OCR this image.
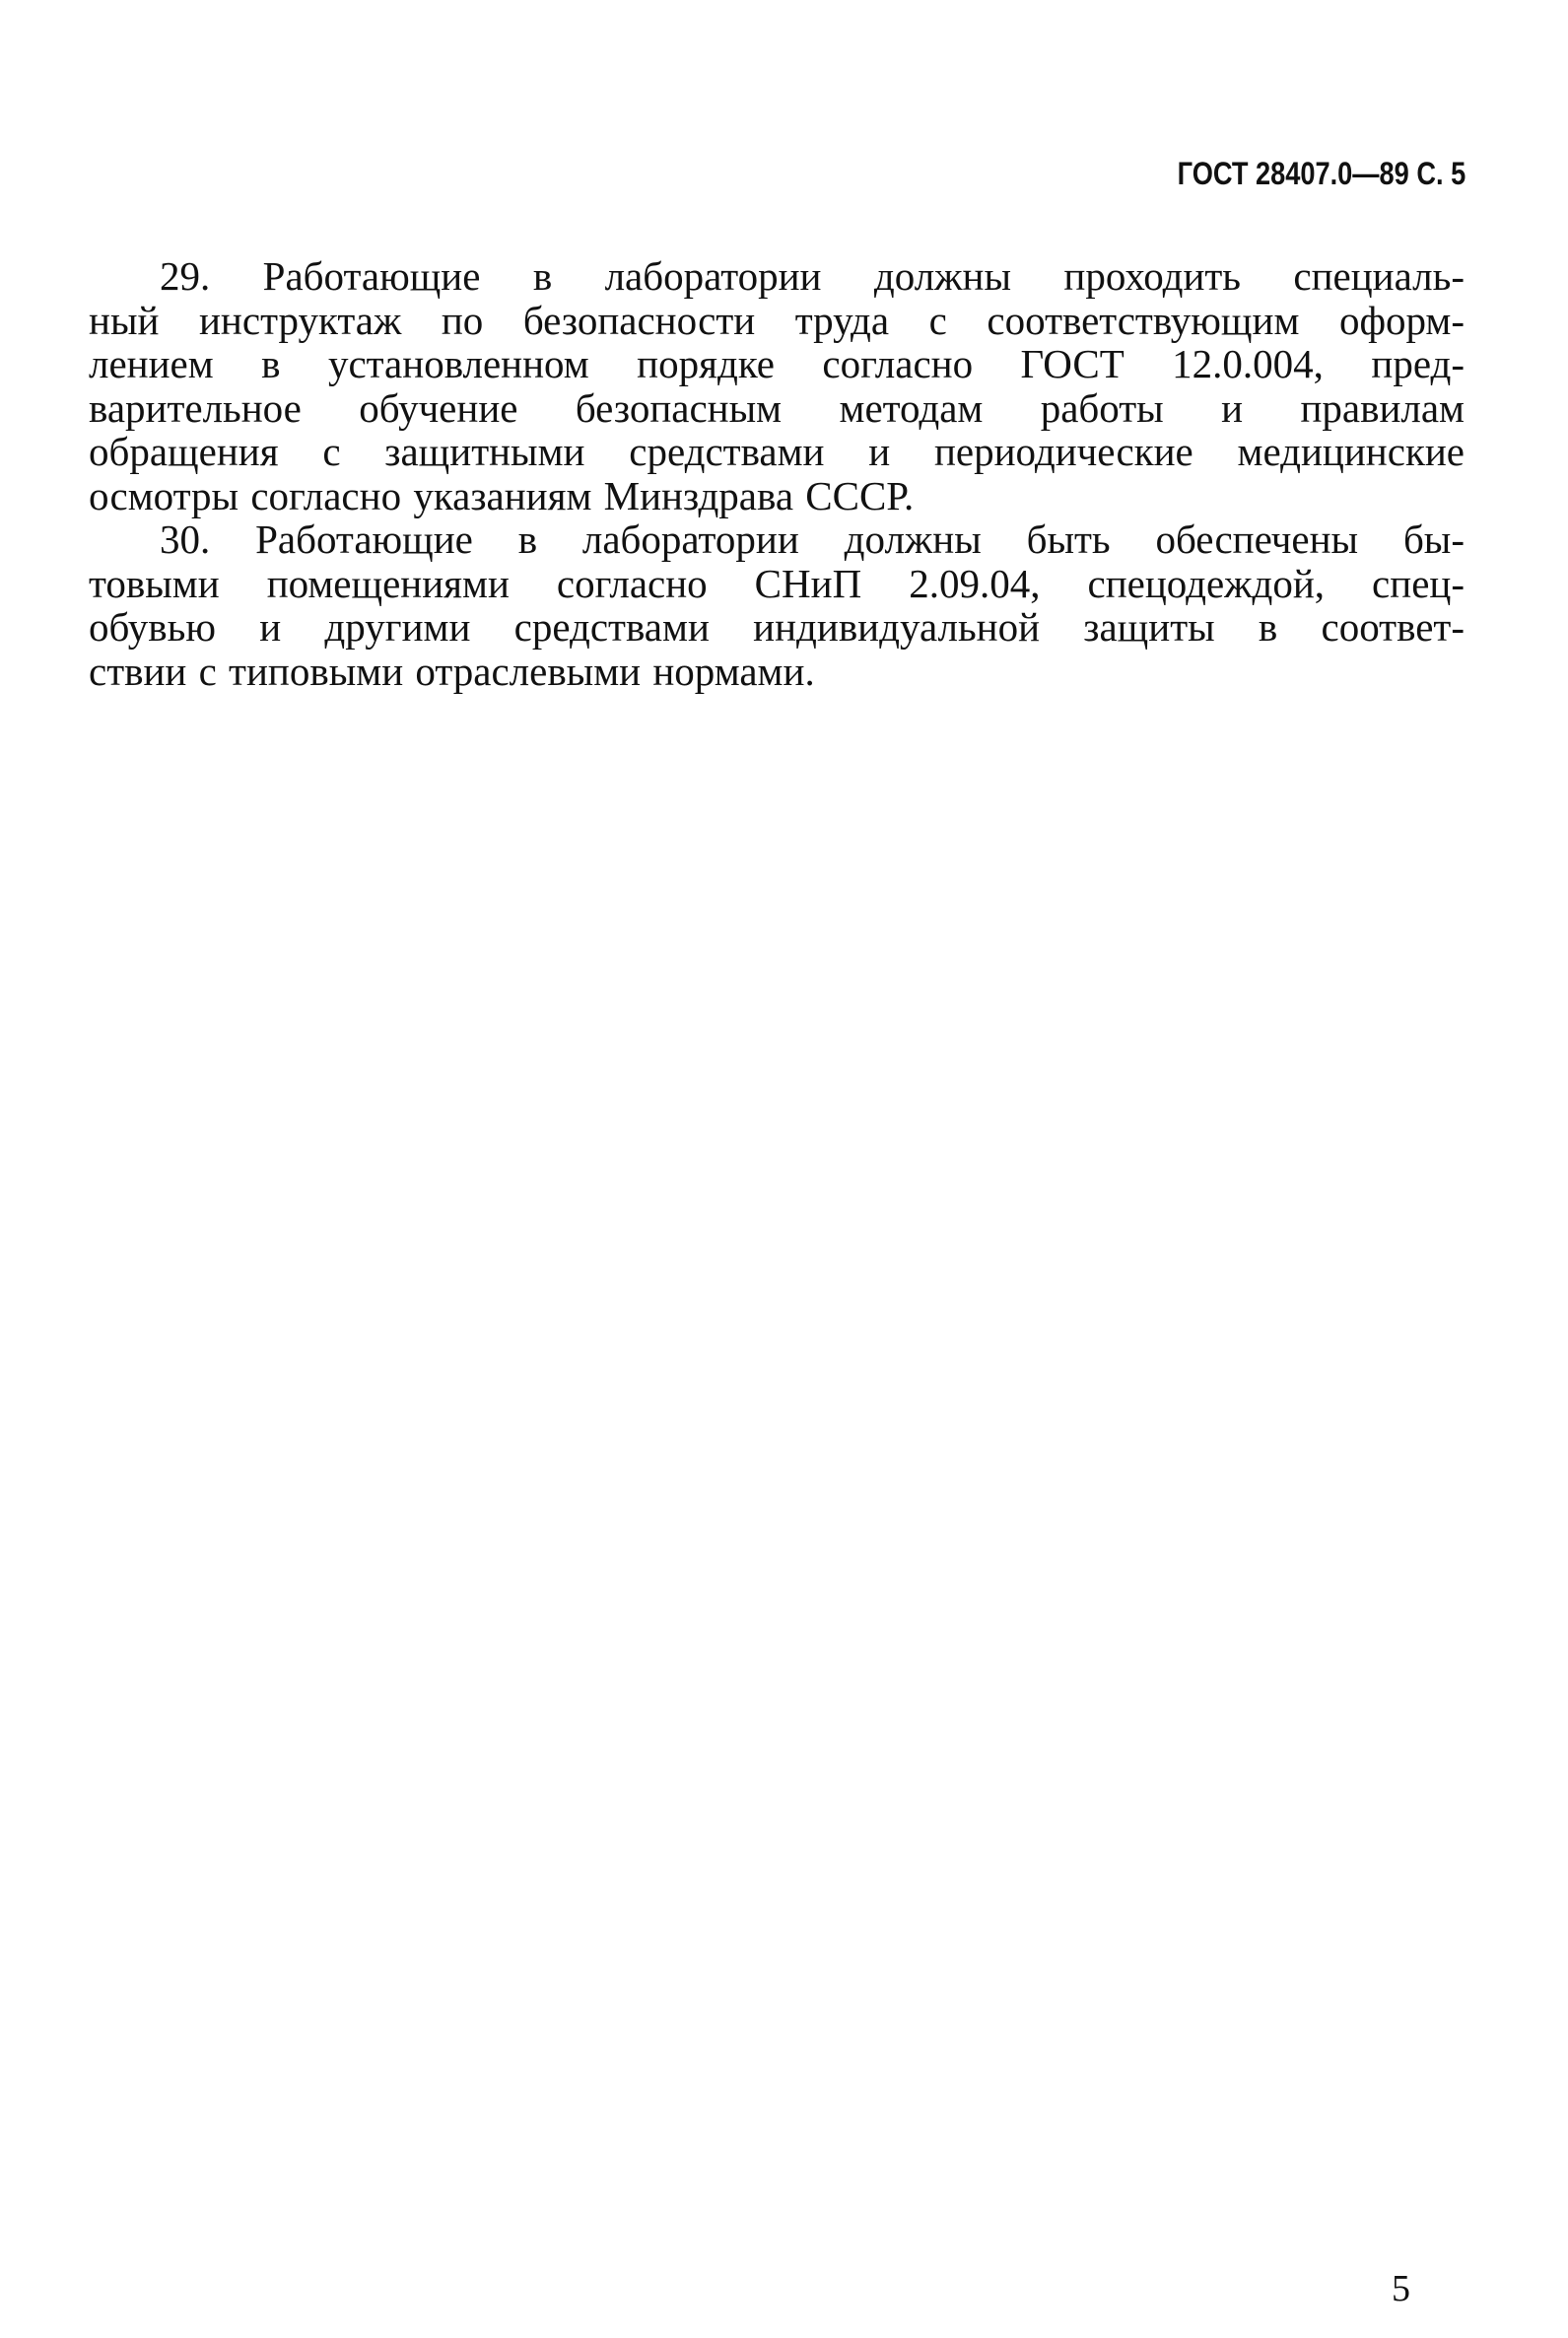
ГОСТ 28407.0—89 С. 5
29. Работающие в лаборатории должны проходить специаль-
ный инструктаж по безопасности труда с соответствующим оформ-
лением в установленном порядке согласно ГОСТ 12.0.004, пред-
варительное обучение безопасным методам работы и правилам
обращения с защитными средствами и периодические медицинские
осмотры согласно указаниям Минздрава СССР.
30. Работающие в лаборатории должны быть обеспечены бы-
товыми помещениями согласно СНиП 2.09.04, спецодеждой, спец-
обувью и другими средствами индивидуальной защиты в соответ-
ствии с типовыми отраслевыми нормами.
5
